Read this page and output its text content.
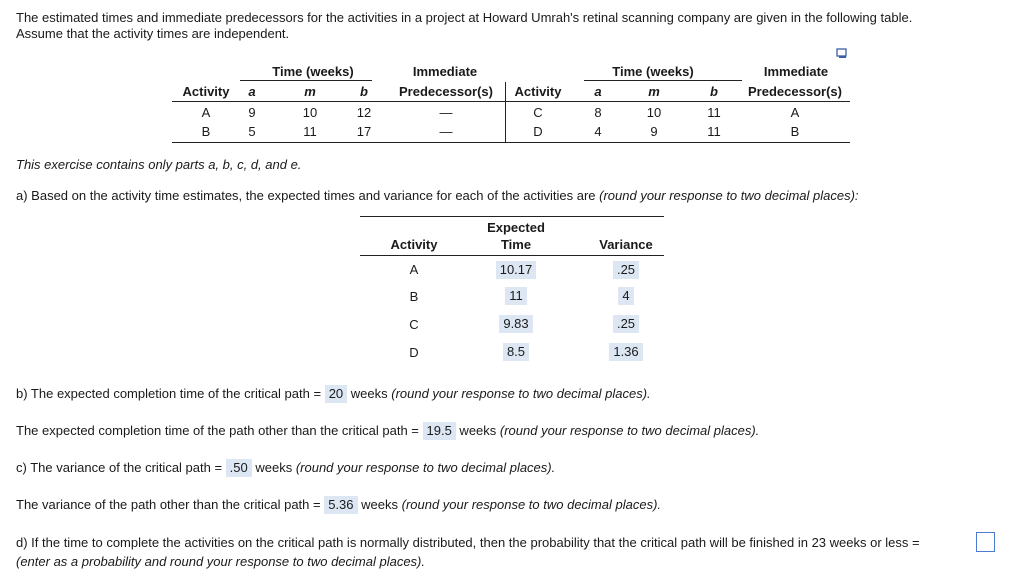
The estimated times and immediate predecessors for the activities in a project at Howard Umrah's retinal scanning company are given in the following table.
Assume that the activity times are independent.
Time (weeks)	Immediate	Time (weeks)	Immediate
Activity	a	m	b	Predecessor(s)	Activity	a	m	b	Predecessor(s)
A	9	10	12	—
B	5	11	17	—
C	8	10	11	A
D	4	9	11	B
This exercise contains only parts a, b, c, d, and e.
a) Based on the activity time estimates, the expected times and variance for each of the activities are (round your response to two decimal places):
Expected
Activity	Time	Variance
A	10.17	.25
B	11	4
C	9.83	.25
D	8.5	1.36
b) The expected completion time of the critical path = 20 weeks (round your response to two decimal places).
The expected completion time of the path other than the critical path = 19.5 weeks (round your response to two decimal places).
c) The variance of the critical path = .50 weeks (round your response to two decimal places).
The variance of the path other than the critical path = 5.36 weeks (round your response to two decimal places).
d) If the time to complete the activities on the critical path is normally distributed, then the probability that the critical path will be finished in 23 weeks or less =
(enter as a probability and round your response to two decimal places).
